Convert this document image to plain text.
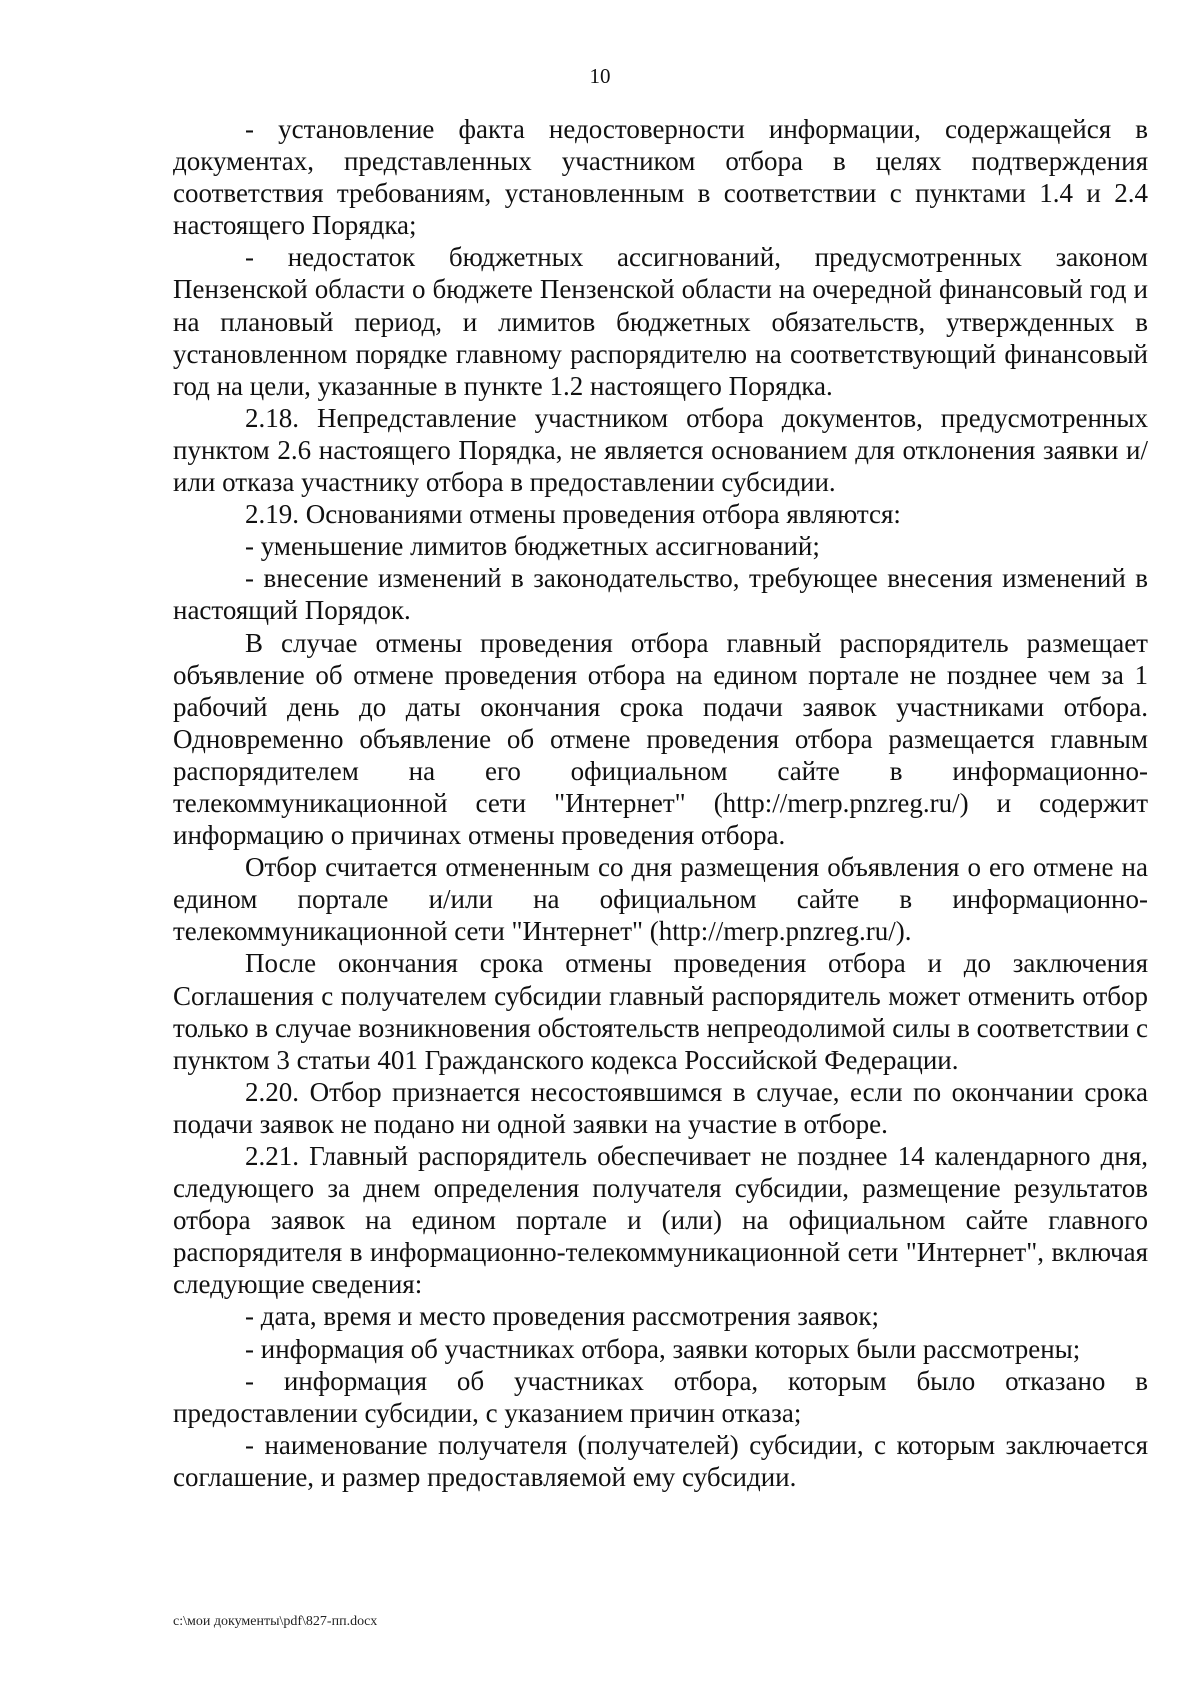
10

- установление факта недостоверности информации, содержащейся в документах, представленных участником отбора в целях подтверждения соответствия требованиям, установленным в соответствии с пунктами 1.4 и 2.4 настоящего Порядка;

- недостаток бюджетных ассигнований, предусмотренных законом Пензенской области о бюджете Пензенской области на очередной финансовый год и на плановый период, и лимитов бюджетных обязательств, утвержденных в установленном порядке главному распорядителю на соответствующий финансовый год на цели, указанные в пункте 1.2 настоящего Порядка.

2.18. Непредставление участником отбора документов, предусмотренных пунктом 2.6 настоящего Порядка, не является основанием для отклонения заявки и/или отказа участнику отбора в предоставлении субсидии.

2.19. Основаниями отмены проведения отбора являются:

- уменьшение лимитов бюджетных ассигнований;

- внесение изменений в законодательство, требующее внесения изменений в настоящий Порядок.

В случае отмены проведения отбора главный распорядитель размещает объявление об отмене проведения отбора на едином портале не позднее чем за 1 рабочий день до даты окончания срока подачи заявок участниками отбора. Одновременно объявление об отмене проведения отбора размещается главным распорядителем на его официальном сайте в информационно-телекоммуникационной сети "Интернет" (http://merp.pnzreg.ru/) и содержит информацию о причинах отмены проведения отбора.

Отбор считается отмененным со дня размещения объявления о его отмене на едином портале и/или на официальном сайте в информационно-телекоммуникационной сети "Интернет" (http://merp.pnzreg.ru/).

После окончания срока отмены проведения отбора и до заключения Соглашения с получателем субсидии главный распорядитель может отменить отбор только в случае возникновения обстоятельств непреодолимой силы в соответствии с пунктом 3 статьи 401 Гражданского кодекса Российской Федерации.

2.20. Отбор признается несостоявшимся в случае, если по окончании срока подачи заявок не подано ни одной заявки на участие в отборе.

2.21. Главный распорядитель обеспечивает не позднее 14 календарного дня, следующего за днем определения получателя субсидии, размещение результатов отбора заявок на едином портале и (или) на официальном сайте главного распорядителя в информационно-телекоммуникационной сети "Интернет", включая следующие сведения:

- дата, время и место проведения рассмотрения заявок;

- информация об участниках отбора, заявки которых были рассмотрены;

- информация об участниках отбора, которым было отказано в предоставлении субсидии, с указанием причин отказа;

- наименование получателя (получателей) субсидии, с которым заключается соглашение, и размер предоставляемой ему субсидии.

c:\мои документы\pdf\827-пп.docx
